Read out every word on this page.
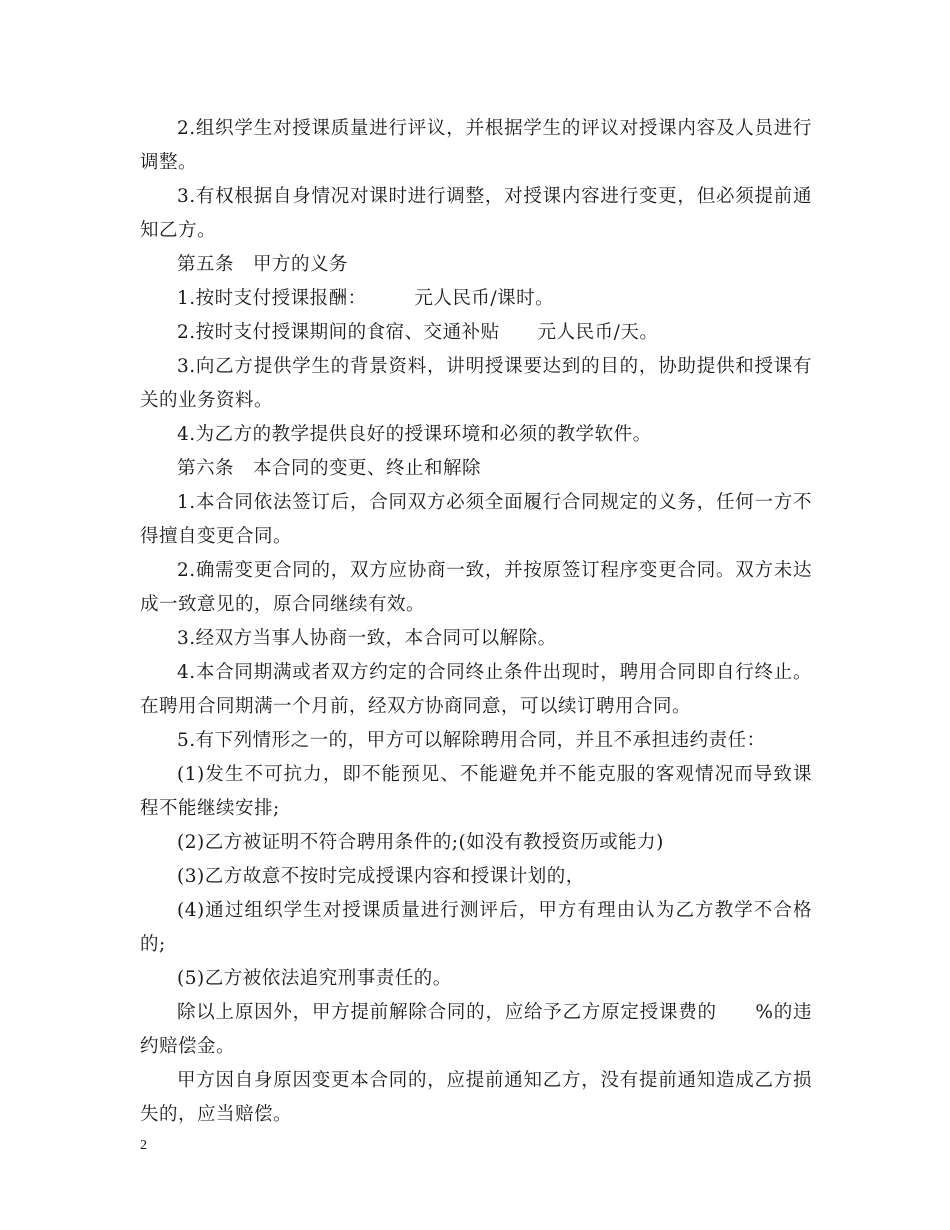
2.组织学生对授课质量进行评议，并根据学生的评议对授课内容及人员进行调整。

3.有权根据自身情况对课时进行调整，对授课内容进行变更，但必须提前通知乙方。

第五条　甲方的义务

1.按时支付授课报酬：　　　元人民币/课时。

2.按时支付授课期间的食宿、交通补贴　　元人民币/天。

3.向乙方提供学生的背景资料，讲明授课要达到的目的，协助提供和授课有关的业务资料。

4.为乙方的教学提供良好的授课环境和必须的教学软件。

第六条　本合同的变更、终止和解除

1.本合同依法签订后，合同双方必须全面履行合同规定的义务，任何一方不得擅自变更合同。

2.确需变更合同的，双方应协商一致，并按原签订程序变更合同。双方未达成一致意见的，原合同继续有效。

3.经双方当事人协商一致，本合同可以解除。

4.本合同期满或者双方约定的合同终止条件出现时，聘用合同即自行终止。在聘用合同期满一个月前，经双方协商同意，可以续订聘用合同。

5.有下列情形之一的，甲方可以解除聘用合同，并且不承担违约责任：

(1)发生不可抗力，即不能预见、不能避免并不能克服的客观情况而导致课程不能继续安排;

(2)乙方被证明不符合聘用条件的;(如没有教授资历或能力)

(3)乙方故意不按时完成授课内容和授课计划的，

(4)通过组织学生对授课质量进行测评后，甲方有理由认为乙方教学不合格的;

(5)乙方被依法追究刑事责任的。

除以上原因外，甲方提前解除合同的，应给予乙方原定授课费的　　%的违约赔偿金。

甲方因自身原因变更本合同的，应提前通知乙方，没有提前通知造成乙方损失的，应当赔偿。

2
